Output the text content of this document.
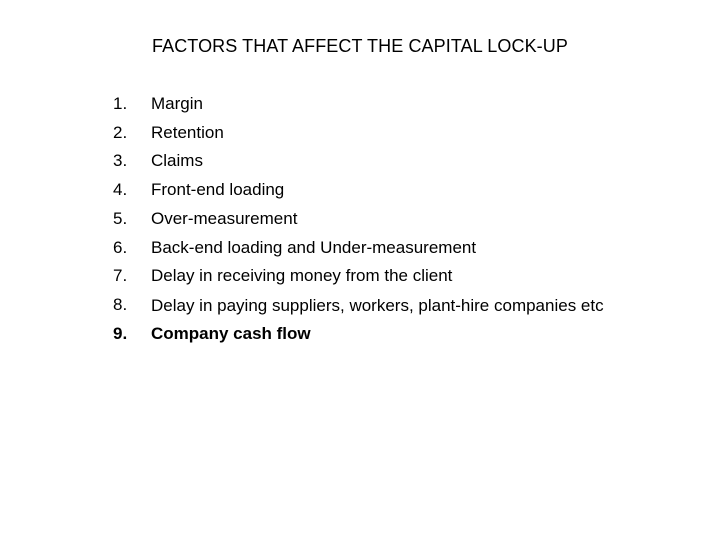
FACTORS THAT AFFECT THE CAPITAL LOCK-UP
1.	Margin
2.	Retention
3.	Claims
4.	Front-end loading
5.	Over-measurement
6.	Back-end loading and Under-measurement
7.	Delay in receiving money from the client
8.	Delay in paying suppliers, workers, plant-hire companies etc
9.	Company cash flow
